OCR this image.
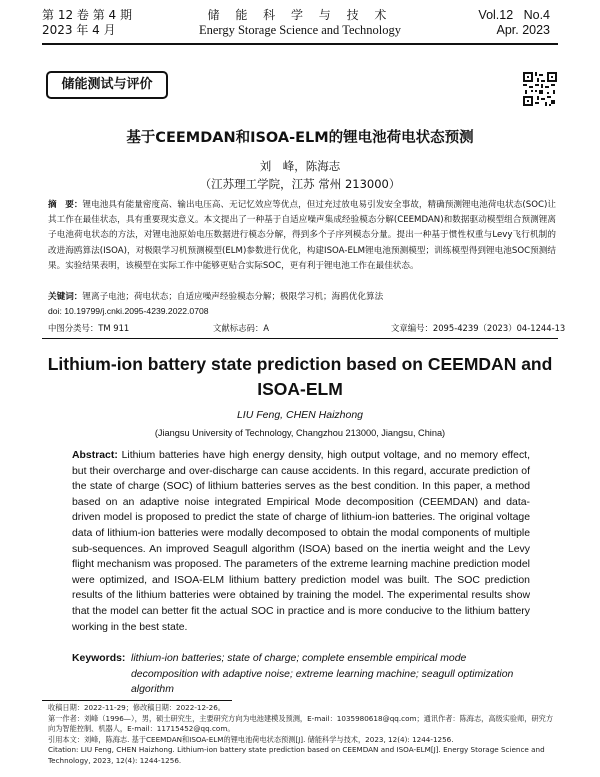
第 12 卷 第 4 期
2023 年 4 月
储 能 科 学 与 技 术
Energy Storage Science and Technology
Vol.12   No.4
Apr. 2023
储能测试与评价
基于CEEMDAN和ISOA-ELM的锂电池荷电状态预测
刘　峰，陈海志
（江苏理工学院，江苏 常州 213000）
摘　要：锂电池具有能量密度高、输出电压高、无记忆效应等优点，但过充过放电易引发安全事故，精确预测锂电池荷电状态(SOC)让其工作在最佳状态，具有重要现实意义。本文提出了一种基于自适应噪声集成经验模态分解(CEEMDAN)和数据驱动模型组合预测锂离子电池荷电状态的方法，对锂电池原始电压数据进行模态分解，得到多个子序列模态分量。提出一种基于惯性权重与Levy飞行机制的改进海鸥算法(ISOA)，对极限学习机预测模型(ELM)参数进行优化，构建ISOA-ELM锂电池预测模型；训练模型得到锂电池SOC预测结果。实验结果表明，该模型在实际工作中能够更贴合实际SOC，更有利于锂电池工作在最佳状态。
关键词：锂离子电池；荷电状态；自适应噪声经验模态分解；极限学习机；海鸥优化算法
doi: 10.19799/j.cnki.2095-4239.2022.0708
中图分类号：TM 911	文献标志码：A	文章编号：2095-4239（2023）04-1244-13
Lithium-ion battery state prediction based on CEEMDAN and ISOA-ELM
LIU Feng, CHEN Haizhong
(Jiangsu University of Technology, Changzhou 213000, Jiangsu, China)
Abstract: Lithium batteries have high energy density, high output voltage, and no memory effect, but their overcharge and over-discharge can cause accidents. In this regard, accurate prediction of the state of charge (SOC) of lithium batteries serves as the best condition. In this paper, a method based on an adaptive noise integrated Empirical Mode decomposition (CEEMDAN) and data-driven model is proposed to predict the state of charge of lithium-ion batteries. The original voltage data of lithium-ion batteries were modally decomposed to obtain the modal components of multiple sub-sequences. An improved Seagull algorithm (ISOA) based on the inertia weight and the Levy flight mechanism was proposed. The parameters of the extreme learning machine prediction model were optimized, and ISOA-ELM lithium battery prediction model was built. The SOC prediction results of the lithium batteries were obtained by training the model. The experimental results show that the model can better fit the actual SOC in practice and is more conducive to the lithium battery working in the best state.
Keywords: lithium-ion batteries; state of charge; complete ensemble empirical mode decomposition with adaptive noise; extreme learning machine; seagull optimization algorithm
收稿日期：2022-11-29；修改稿日期：2022-12-26。
第一作者：刘峰（1996—），男，硕士研究生，主要研究方向为电池建模及预测，E-mail：1035980618@qq.com；通讯作者：陈海志，高级实验师，研究方向为智能控制、机器人，E-mail：11715452@qq.com。
引用本文：刘峰，陈海志. 基于CEEMDAN和ISOA-ELM的锂电池荷电状态预测[J]. 储能科学与技术，2023, 12(4): 1244-1256.
Citation: LIU Feng, CHEN Haizhong. Lithium-ion battery state prediction based on CEEMDAN and ISOA-ELM[J]. Energy Storage Science and
Technology, 2023, 12(4): 1244-1256.
